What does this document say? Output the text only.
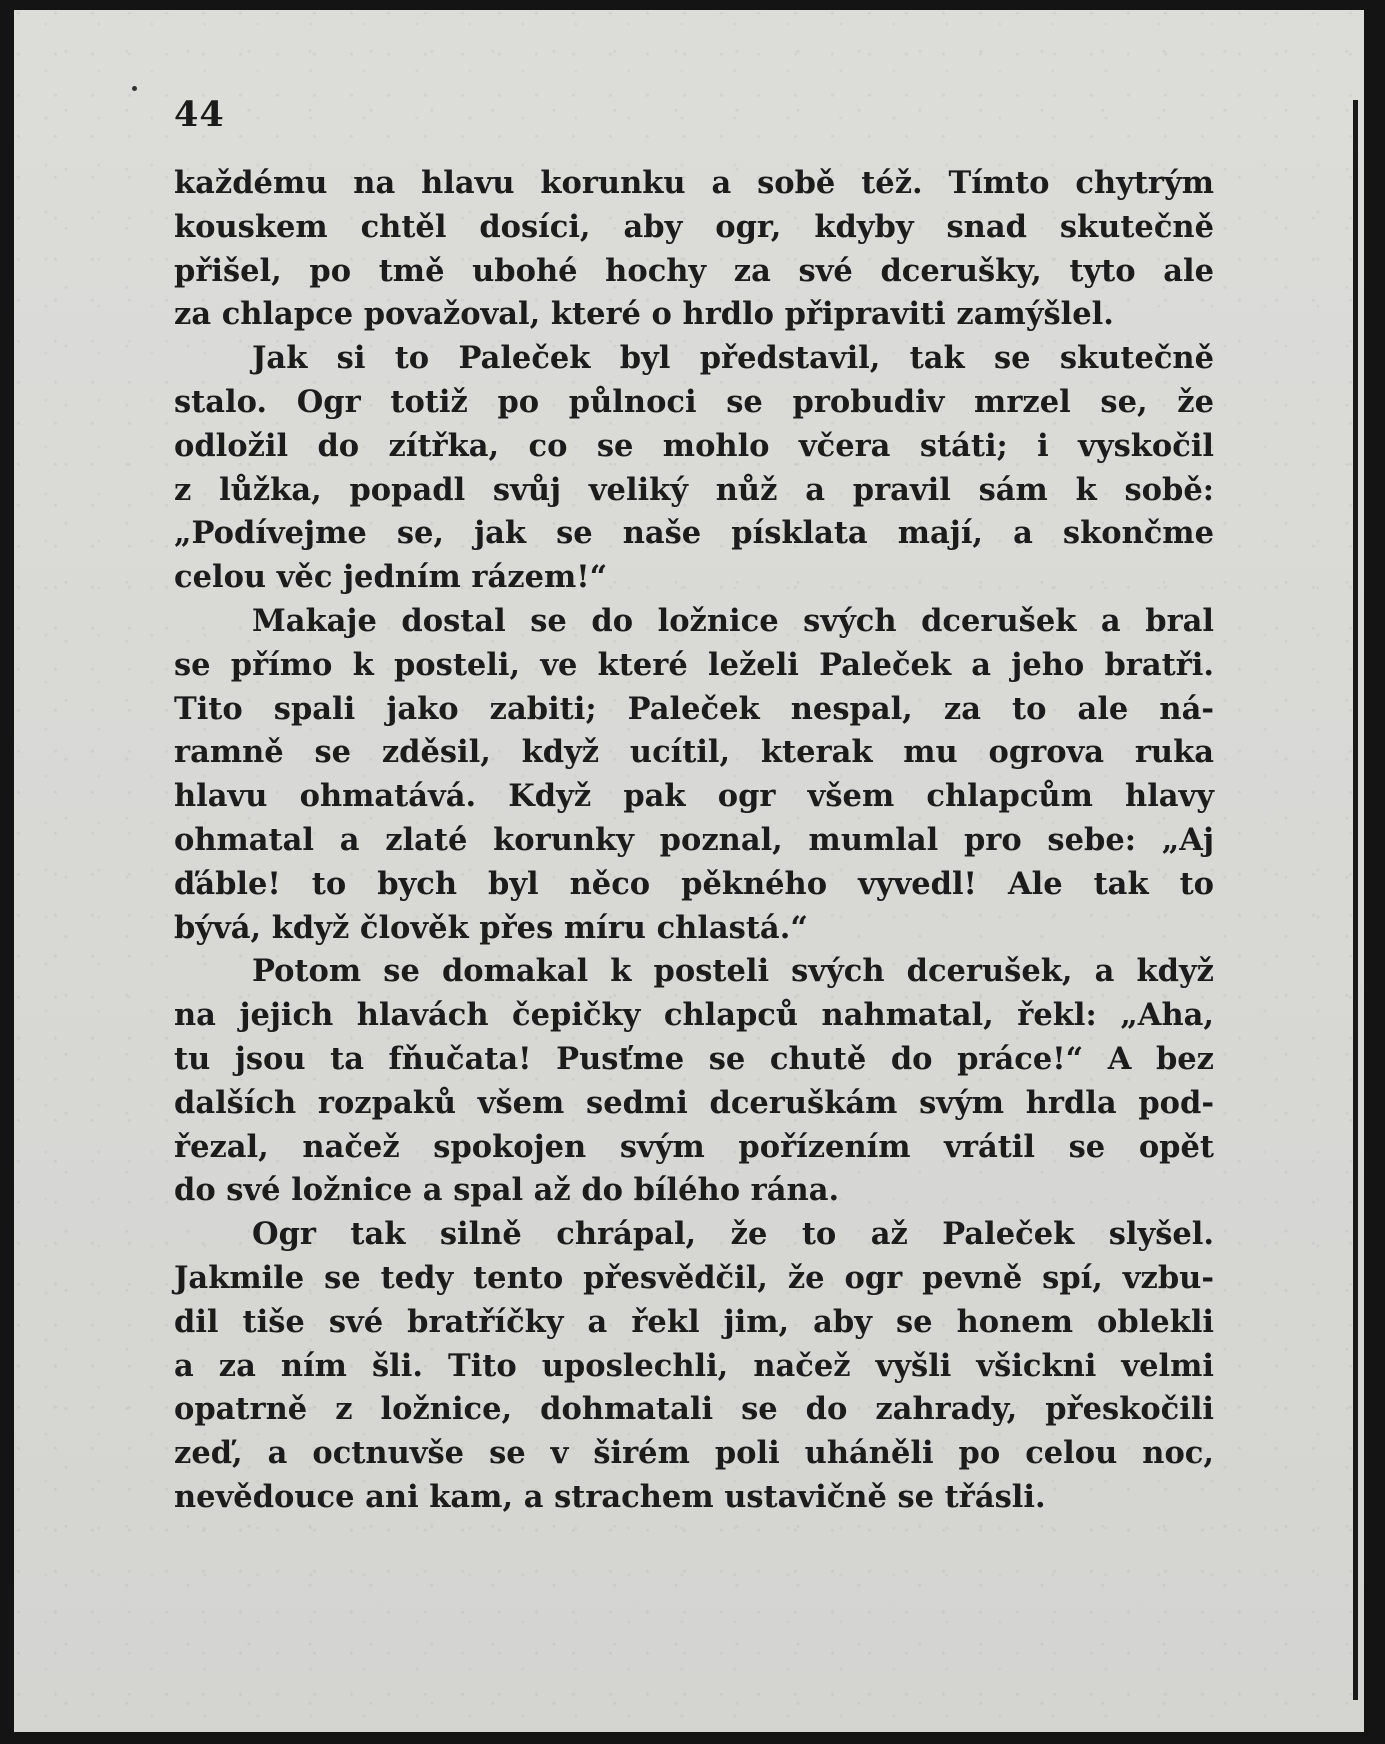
44
každému na hlavu korunku a sobě též. Tímto chytrým
kouskem chtěl dosíci, aby ogr, kdyby snad skutečně
přišel, po tmě ubohé hochy za své dcerušky, tyto ale
za chlapce považoval, které o hrdlo připraviti zamýšlel.
Jak si to Paleček byl představil, tak se skutečně
stalo. Ogr totiž po půlnoci se probudiv mrzel se, že
odložil do zítřka, co se mohlo včera státi; i vyskočil
z lůžka, popadl svůj veliký nůž a pravil sám k sobě:
„Podívejme se, jak se naše písklata mají, a skončme
celou věc jedním rázem!“
Makaje dostal se do ložnice svých dcerušek a bral
se přímo k posteli, ve které leželi Paleček a jeho bratři.
Tito spali jako zabiti; Paleček nespal, za to ale ná-
ramně se zděsil, když ucítil, kterak mu ogrova ruka
hlavu ohmatává. Když pak ogr všem chlapcům hlavy
ohmatal a zlaté korunky poznal, mumlal pro sebe: „Aj
ďáble! to bych byl něco pěkného vyvedl! Ale tak to
bývá, když člověk přes míru chlastá.“
Potom se domakal k posteli svých dcerušek, a když
na jejich hlavách čepičky chlapců nahmatal, řekl: „Aha,
tu jsou ta fňučata! Pusťme se chutě do práce!“ A bez
dalších rozpaků všem sedmi dceruškám svým hrdla pod-
řezal, načež spokojen svým pořízením vrátil se opět
do své ložnice a spal až do bílého rána.
Ogr tak silně chrápal, že to až Paleček slyšel.
Jakmile se tedy tento přesvědčil, že ogr pevně spí, vzbu-
dil tiše své bratříčky a řekl jim, aby se honem oblekli
a za ním šli. Tito uposlechli, načež vyšli všickni velmi
opatrně z ložnice, dohmatali se do zahrady, přeskočili
zeď, a octnuvše se v širém poli uháněli po celou noc,
nevědouce ani kam, a strachem ustavičně se třásli.
